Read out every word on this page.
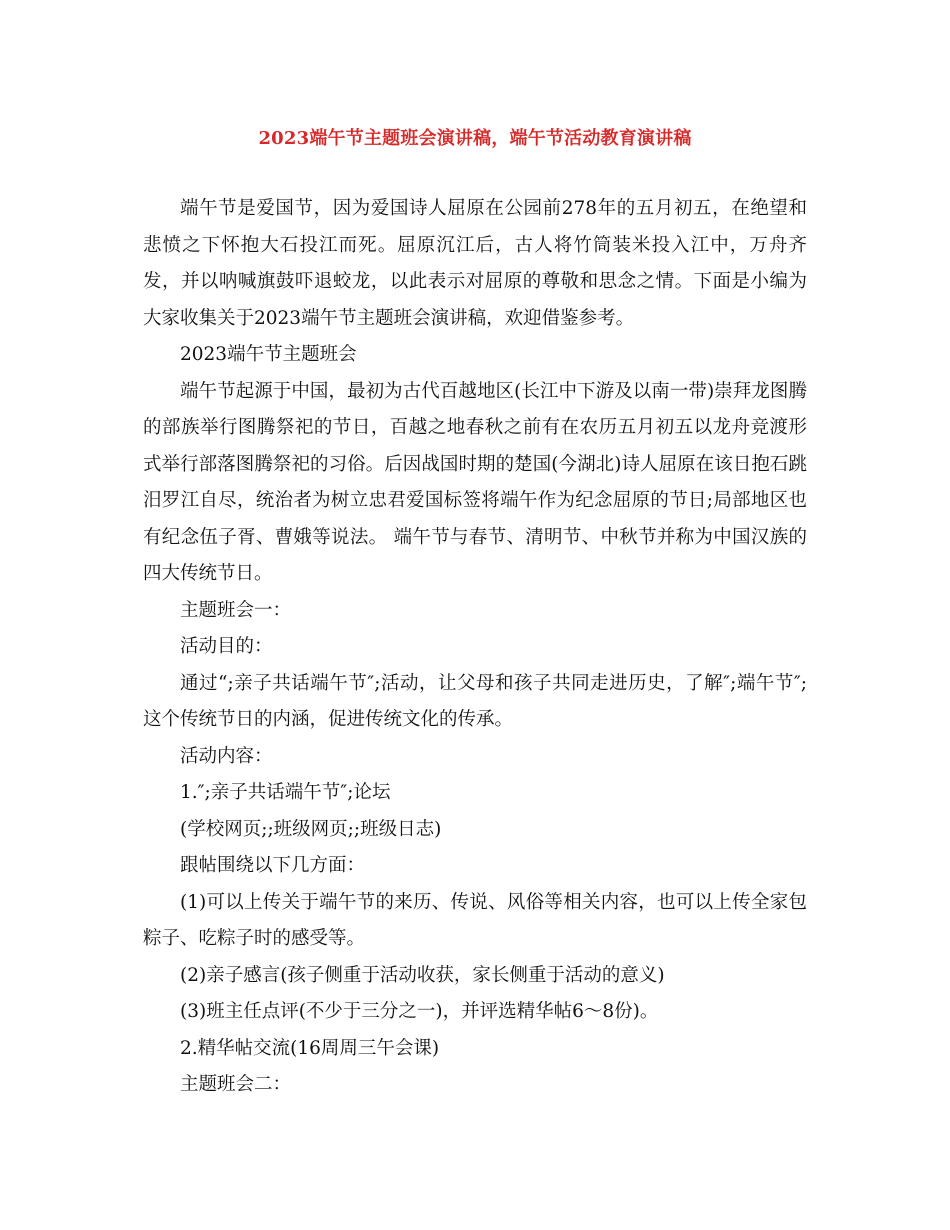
2023端午节主题班会演讲稿，端午节活动教育演讲稿

端午节是爱国节，因为爱国诗人屈原在公园前278年的五月初五，在绝望和悲愤之下怀抱大石投江而死。屈原沉江后，古人将竹筒装米投入江中，万舟齐发，并以呐喊旗鼓吓退蛟龙，以此表示对屈原的尊敬和思念之情。下面是小编为大家收集关于2023端午节主题班会演讲稿，欢迎借鉴参考。

2023端午节主题班会

端午节起源于中国，最初为古代百越地区(长江中下游及以南一带)崇拜龙图腾的部族举行图腾祭祀的节日，百越之地春秋之前有在农历五月初五以龙舟竞渡形式举行部落图腾祭祀的习俗。后因战国时期的楚国(今湖北)诗人屈原在该日抱石跳汨罗江自尽，统治者为树立忠君爱国标签将端午作为纪念屈原的节日;局部地区也有纪念伍子胥、曹娥等说法。 端午节与春节、清明节、中秋节并称为中国汉族的四大传统节日。

主题班会一：

活动目的：

通过“;亲子共话端午节″;活动，让父母和孩子共同走进历史，了解″;端午节″;这个传统节日的内涵，促进传统文化的传承。

活动内容：

1.″;亲子共话端午节″;论坛

(学校网页;;班级网页;;班级日志)

跟帖围绕以下几方面：

(1)可以上传关于端午节的来历、传说、风俗等相关内容，也可以上传全家包粽子、吃粽子时的感受等。

(2)亲子感言(孩子侧重于活动收获，家长侧重于活动的意义)

(3)班主任点评(不少于三分之一)，并评选精华帖6～8份)。

2.精华帖交流(16周周三午会课)

主题班会二：
